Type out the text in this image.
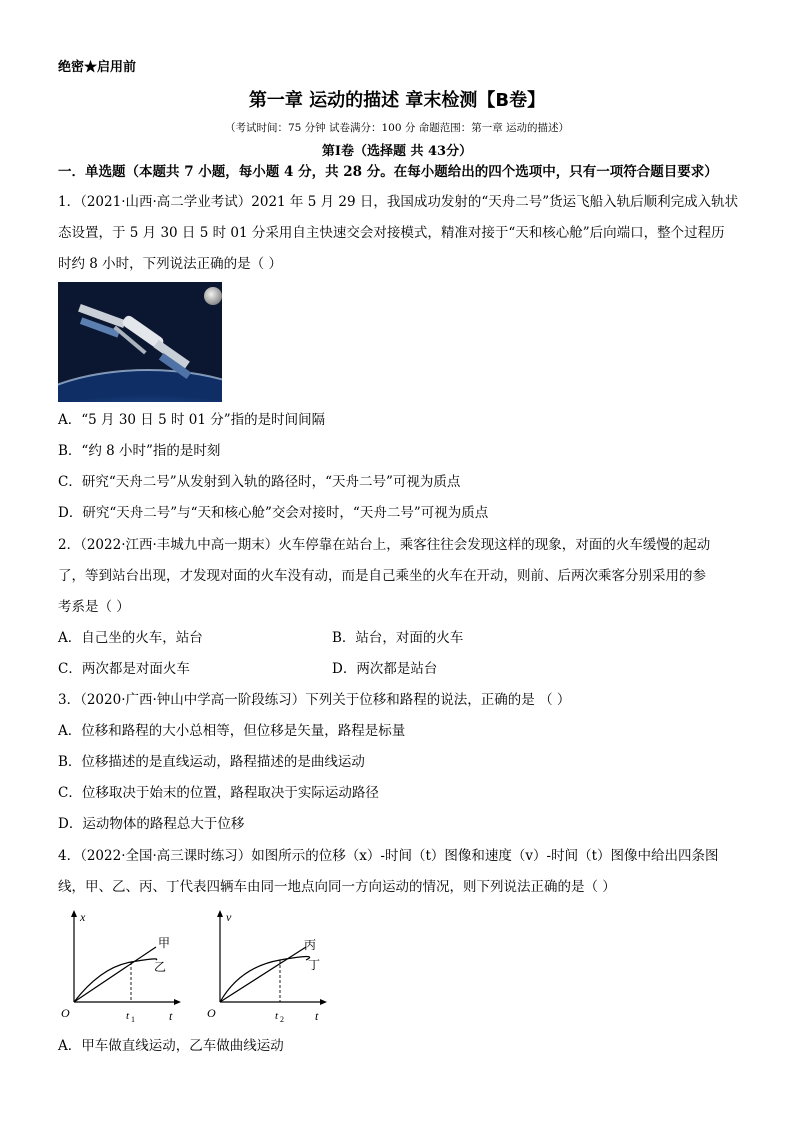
绝密★启用前
第一章 运动的描述 章末检测【B卷】
（考试时间：75 分钟 试卷满分：100 分 命题范围：第一章 运动的描述）
第Ⅰ卷（选择题 共 43分）
一．单选题（本题共 7 小题，每小题 4 分，共 28 分。在每小题给出的四个选项中，只有一项符合题目要求）
1．（2021·山西·高二学业考试）2021 年 5 月 29 日，我国成功发射的“天舟二号”货运飞船入轨后顺利完成入轨状
态设置，于 5 月 30 日 5 时 01 分采用自主快速交会对接模式，精准对接于“天和核心舱”后向端口，整个过程历
时约 8 小时，下列说法正确的是（ ）
A．“5 月 30 日 5 时 01 分”指的是时间间隔
B．“约 8 小时”指的是时刻
C．研究“天舟二号”从发射到入轨的路径时，“天舟二号”可视为质点
D．研究“天舟二号”与“天和核心舱”交会对接时，“天舟二号”可视为质点
2．（2022·江西·丰城九中高一期末）火车停靠在站台上，乘客往往会发现这样的现象，对面的火车缓慢的起动
了，等到站台出现，才发现对面的火车没有动，而是自己乘坐的火车在开动，则前、后两次乘客分别采用的参
考系是（ ）
A．自己坐的火车，站台	B．站台，对面的火车
C．两次都是对面火车	D．两次都是站台
3．（2020·广西·钟山中学高一阶段练习）下列关于位移和路程的说法，正确的是 （ ）
A．位移和路程的大小总相等，但位移是矢量，路程是标量
B．位移描述的是直线运动，路程描述的是曲线运动
C．位移取决于始末的位置，路程取决于实际运动路径
D．运动物体的路程总大于位移
4．（2022·全国·高三课时练习）如图所示的位移（x）-时间（t）图像和速度（v）-时间（t）图像中给出四条图
线，甲、乙、丙、丁代表四辆车由同一地点向同一方向运动的情况，则下列说法正确的是（ ）
x
t
O
甲
乙
t 1
v
t
O
丙
丁
t 2
A．甲车做直线运动，乙车做曲线运动
